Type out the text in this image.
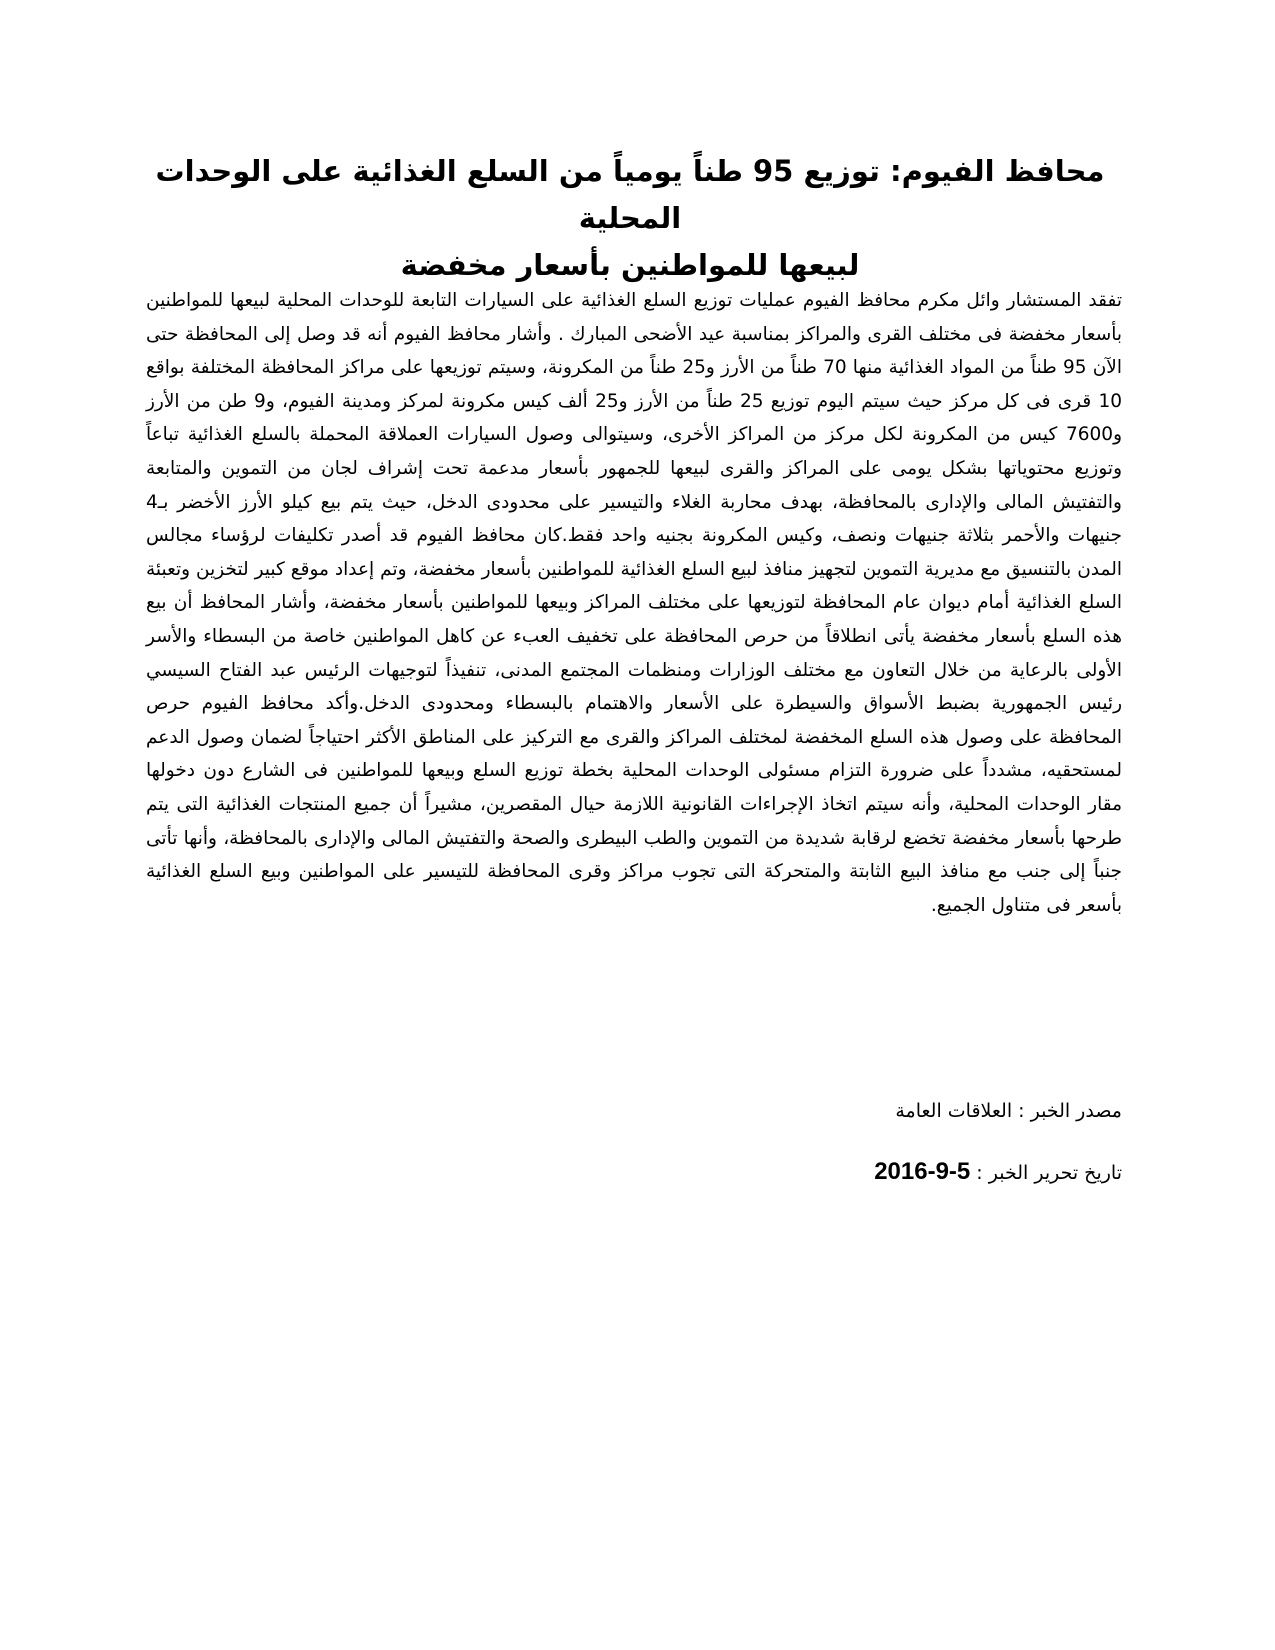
محافظ الفيوم: توزيع 95 طناً يومياً من السلع الغذائية على الوحدات المحلية
لبيعها للمواطنين بأسعار مخفضة

تفقد المستشار وائل مكرم محافظ الفيوم عمليات توزيع السلع الغذائية على السيارات التابعة للوحدات المحلية لبيعها للمواطنين بأسعار مخفضة فى مختلف القرى والمراكز بمناسبة عيد الأضحى المبارك . وأشار محافظ الفيوم أنه قد وصل إلى المحافظة حتى الآن 95 طناً من المواد الغذائية منها 70 طناً من الأرز و25 طناً من المكرونة، وسيتم توزيعها على مراكز المحافظة المختلفة بواقع 10 قرى فى كل مركز حيث سيتم اليوم توزيع 25 طناً من الأرز و25 ألف كيس مكرونة لمركز ومدينة الفيوم، و9 طن من الأرز و7600 كيس من المكرونة لكل مركز من المراكز الأخرى، وسيتوالى وصول السيارات العملاقة المحملة بالسلع الغذائية تباعاً وتوزيع محتوياتها بشكل يومى على المراكز والقرى لبيعها للجمهور بأسعار مدعمة تحت إشراف لجان من التموين والمتابعة والتفتيش المالى والإدارى بالمحافظة، بهدف محاربة الغلاء والتيسير على محدودى الدخل، حيث يتم بيع كيلو الأرز الأخضر بـ4 جنيهات والأحمر بثلاثة جنيهات ونصف، وكيس المكرونة بجنيه واحد فقط.كان محافظ الفيوم قد أصدر تكليفات لرؤساء مجالس المدن بالتنسيق مع مديرية التموين لتجهيز منافذ لبيع السلع الغذائية للمواطنين بأسعار مخفضة، وتم إعداد موقع كبير لتخزين وتعبئة السلع الغذائية أمام ديوان عام المحافظة لتوزيعها على مختلف المراكز وبيعها للمواطنين بأسعار مخفضة، وأشار المحافظ أن بيع هذه السلع بأسعار مخفضة يأتى انطلاقاً من حرص المحافظة على تخفيف العبء عن كاهل المواطنين خاصة من البسطاء والأسر الأولى بالرعاية من خلال التعاون مع مختلف الوزارات ومنظمات المجتمع المدنى، تنفيذاً لتوجيهات الرئيس عبد الفتاح السيسي رئيس الجمهورية بضبط الأسواق والسيطرة على الأسعار والاهتمام بالبسطاء ومحدودى الدخل.وأكد محافظ الفيوم حرص المحافظة على وصول هذه السلع المخفضة لمختلف المراكز والقرى مع التركيز على المناطق الأكثر احتياجاً لضمان وصول الدعم لمستحقيه، مشدداً على ضرورة التزام مسئولى الوحدات المحلية بخطة توزيع السلع وبيعها للمواطنين فى الشارع دون دخولها مقار الوحدات المحلية، وأنه سيتم اتخاذ الإجراءات القانونية اللازمة حيال المقصرين، مشيراً أن جميع المنتجات الغذائية التى يتم طرحها بأسعار مخفضة تخضع لرقابة شديدة من التموين والطب البيطرى والصحة والتفتيش المالى والإدارى بالمحافظة، وأنها تأتى جنباً إلى جنب مع منافذ البيع الثابتة والمتحركة التى تجوب مراكز وقرى المحافظة للتيسير على المواطنين وبيع السلع الغذائية بأسعر فى متناول الجميع.

مصدر الخبر : العلاقات العامة

تاريخ تحرير الخبر : 2016-9-5
